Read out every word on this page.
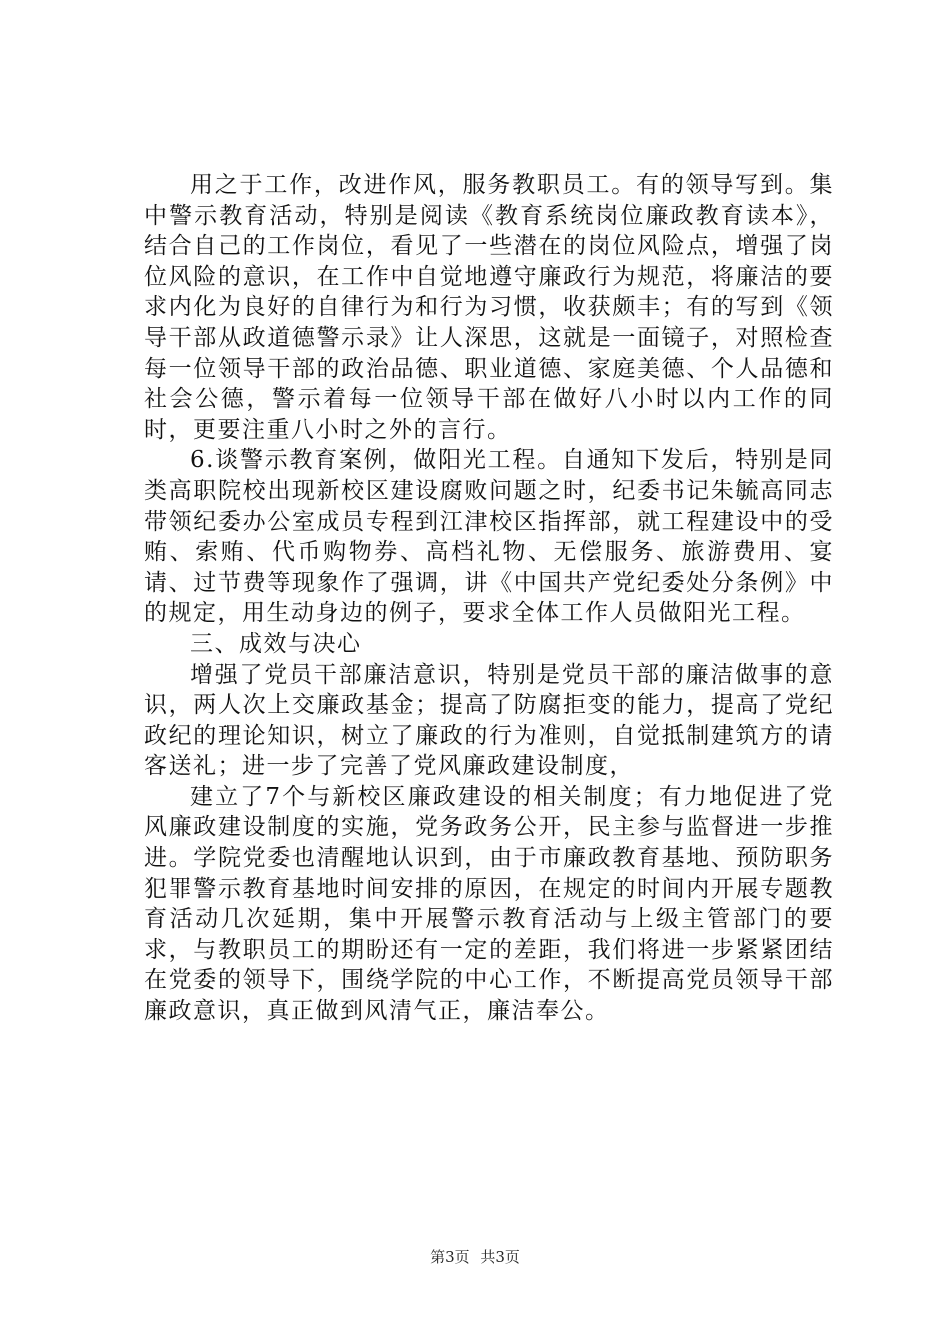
用之于工作，改进作风，服务教职员工。有的领导写到。集中警示教育活动，特别是阅读《教育系统岗位廉政教育读本》，结合自己的工作岗位，看见了一些潜在的岗位风险点，增强了岗位风险的意识，在工作中自觉地遵守廉政行为规范，将廉洁的要求内化为良好的自律行为和行为习惯，收获颇丰；有的写到《领导干部从政道德警示录》让人深思，这就是一面镜子，对照检查每一位领导干部的政治品德、职业道德、家庭美德、个人品德和社会公德，警示着每一位领导干部在做好八小时以内工作的同时，更要注重八小时之外的言行。

6.谈警示教育案例，做阳光工程。自通知下发后，特别是同类高职院校出现新校区建设腐败问题之时，纪委书记朱毓高同志带领纪委办公室成员专程到江津校区指挥部，就工程建设中的受贿、索贿、代币购物券、高档礼物、无偿服务、旅游费用、宴请、过节费等现象作了强调，讲《中国共产党纪委处分条例》中的规定，用生动身边的例子，要求全体工作人员做阳光工程。

三、成效与决心

增强了党员干部廉洁意识，特别是党员干部的廉洁做事的意识，两人次上交廉政基金；提高了防腐拒变的能力，提高了党纪政纪的理论知识，树立了廉政的行为准则，自觉抵制建筑方的请客送礼；进一步了完善了党风廉政建设制度，

建立了7个与新校区廉政建设的相关制度；有力地促进了党风廉政建设制度的实施，党务政务公开，民主参与监督进一步推进。学院党委也清醒地认识到，由于市廉政教育基地、预防职务犯罪警示教育基地时间安排的原因，在规定的时间内开展专题教育活动几次延期，集中开展警示教育活动与上级主管部门的要求，与教职员工的期盼还有一定的差距，我们将进一步紧紧团结在党委的领导下，围绕学院的中心工作，不断提高党员领导干部廉政意识，真正做到风清气正，廉洁奉公。

第3页 共3页
